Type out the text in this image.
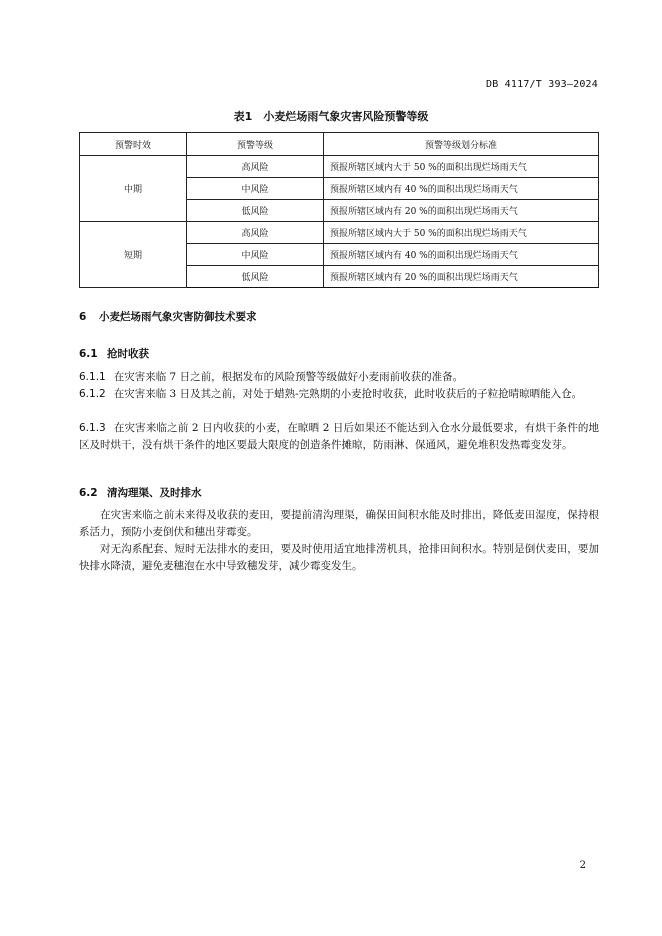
DB 4117/T 393—2024
表1　小麦烂场雨气象灾害风险预警等级
预警时效	预警等级	预警等级划分标准
中期	高风险	预报所辖区域内大于 50 %的面积出现烂场雨天气
	中风险	预报所辖区域内有 40 %的面积出现烂场雨天气
	低风险	预报所辖区域内有 20 %的面积出现烂场雨天气
短期	高风险	预报所辖区域内大于 50 %的面积出现烂场雨天气
	中风险	预报所辖区域内有 40 %的面积出现烂场雨天气
	低风险	预报所辖区域内有 20 %的面积出现烂场雨天气
6 小麦烂场雨气象灾害防御技术要求
6.1 抢时收获
6.1.1 在灾害来临 7 日之前，根据发布的风险预警等级做好小麦雨前收获的准备。
6.1.2 在灾害来临 3 日及其之前，对处于蜡熟-完熟期的小麦抢时收获，此时收获后的子粒抢晴晾晒能入仓。
6.1.3 在灾害来临之前 2 日内收获的小麦，在晾晒 2 日后如果还不能达到入仓水分最低要求，有烘干条件的地区及时烘干，没有烘干条件的地区要最大限度的创造条件摊晾，防雨淋、保通风，避免堆积发热霉变发芽。
6.2 清沟理渠、及时排水
在灾害来临之前未来得及收获的麦田，要提前清沟理渠，确保田间积水能及时排出，降低麦田湿度，保持根系活力，预防小麦倒伏和穗出芽霉变。
对无沟系配套、短时无法排水的麦田，要及时使用适宜地排涝机具，抢排田间积水。特别是倒伏麦田，要加快排水降渍，避免麦穗泡在水中导致穗发芽，减少霉变发生。
2
